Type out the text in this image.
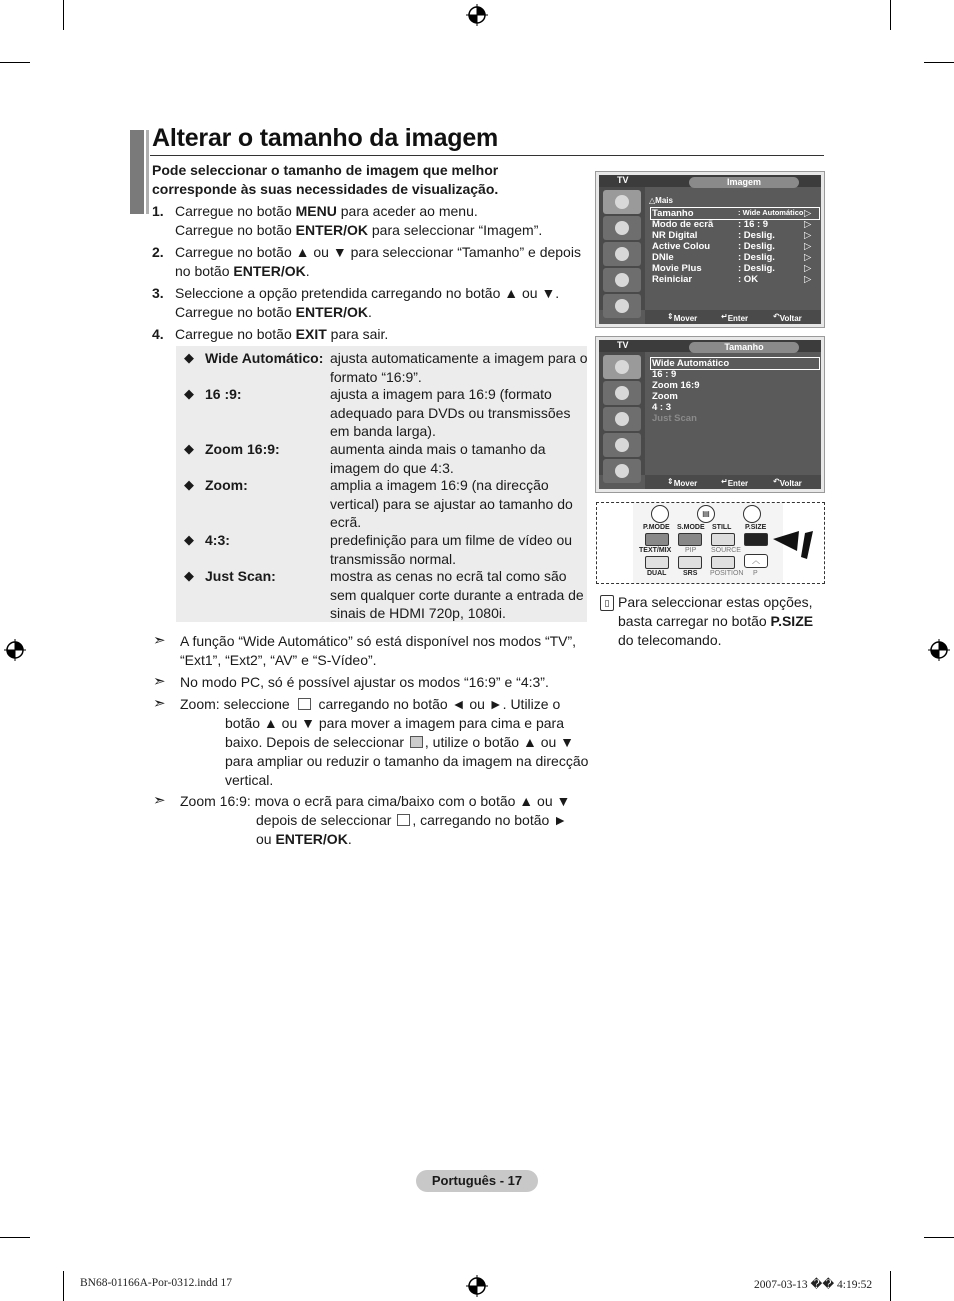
Alterar o tamanho da imagem
Pode seleccionar o tamanho de imagem que melhor corresponde às suas necessidades de visualização.
1. Carregue no botão MENU para aceder ao menu.
Carregue no botão ENTER/OK para seleccionar “Imagem”.
2. Carregue no botão ▲ ou ▼ para seleccionar “Tamanho” e depois no botão ENTER/OK.
3. Seleccione a opção pretendida carregando no botão ▲ ou ▼. Carregue no botão ENTER/OK.
4. Carregue no botão EXIT para sair.
◆ Wide Automático: ajusta automaticamente a imagem para o formato “16:9”.
◆ 16 :9:	ajusta a imagem para 16:9 (formato adequado para DVDs ou transmissões em banda larga).
◆ Zoom 16:9:	aumenta ainda mais o tamanho da imagem do que 4:3.
◆ Zoom:	amplia a imagem 16:9 (na direcção vertical) para se ajustar ao tamanho do ecrã.
◆ 4:3:	predefinição para um filme de vídeo ou transmissão normal.
◆ Just Scan:	mostra as cenas no ecrã tal como são sem qualquer corte durante a entrada de sinais de HDMI 720p, 1080i.
➣	A função “Wide Automático” só está disponível nos modos “TV”, “Ext1”, “Ext2”, “AV” e “S-Vídeo”.
➣	No modo PC, só é possível ajustar os modos “16:9” e “4:3”.
➣ Zoom: seleccione carregando no botão ◄ ou ►. Utilize o
botão ▲ ou ▼ para mover a imagem para cima e para
baixo. Depois de seleccionar , utilize o botão ▲ ou ▼
para ampliar ou reduzir o tamanho da imagem na direcção
vertical.
➣ Zoom 16:9: mova o ecrã para cima/baixo com o botão ▲ ou ▼
depois de seleccionar , carregando no botão ►
ou ENTER/OK.
TV	Imagem
△Mais
Tamanho	: Wide Automático ▷
Modo de ecrã	: 16 : 9	▷
NR Digital	: Deslig.	▷
Active Colou	: Deslig.	▷
DNIe	: Deslig.	▷
Movie Plus	: Deslig.	▷
Reiniciar	: OK	▷
⇕ Mover	↵ Enter	↶ Voltar
TV	Tamanho
Wide Automático
16 : 9
Zoom 16:9
Zoom
4 : 3
Just Scan
⇕ Mover	↵ Enter	↶ Voltar
▤
P.MODE S.MODE STILL P.SIZE
TEXT/MIX PIP SOURCE
︿
DUAL SRS POSITION P
▯ Para seleccionar estas opções, basta carregar no botão P.SIZE do telecomando.
Português - 17
BN68-01166A-Por-0312.indd 17	2007-03-13 �� 4:19:52
